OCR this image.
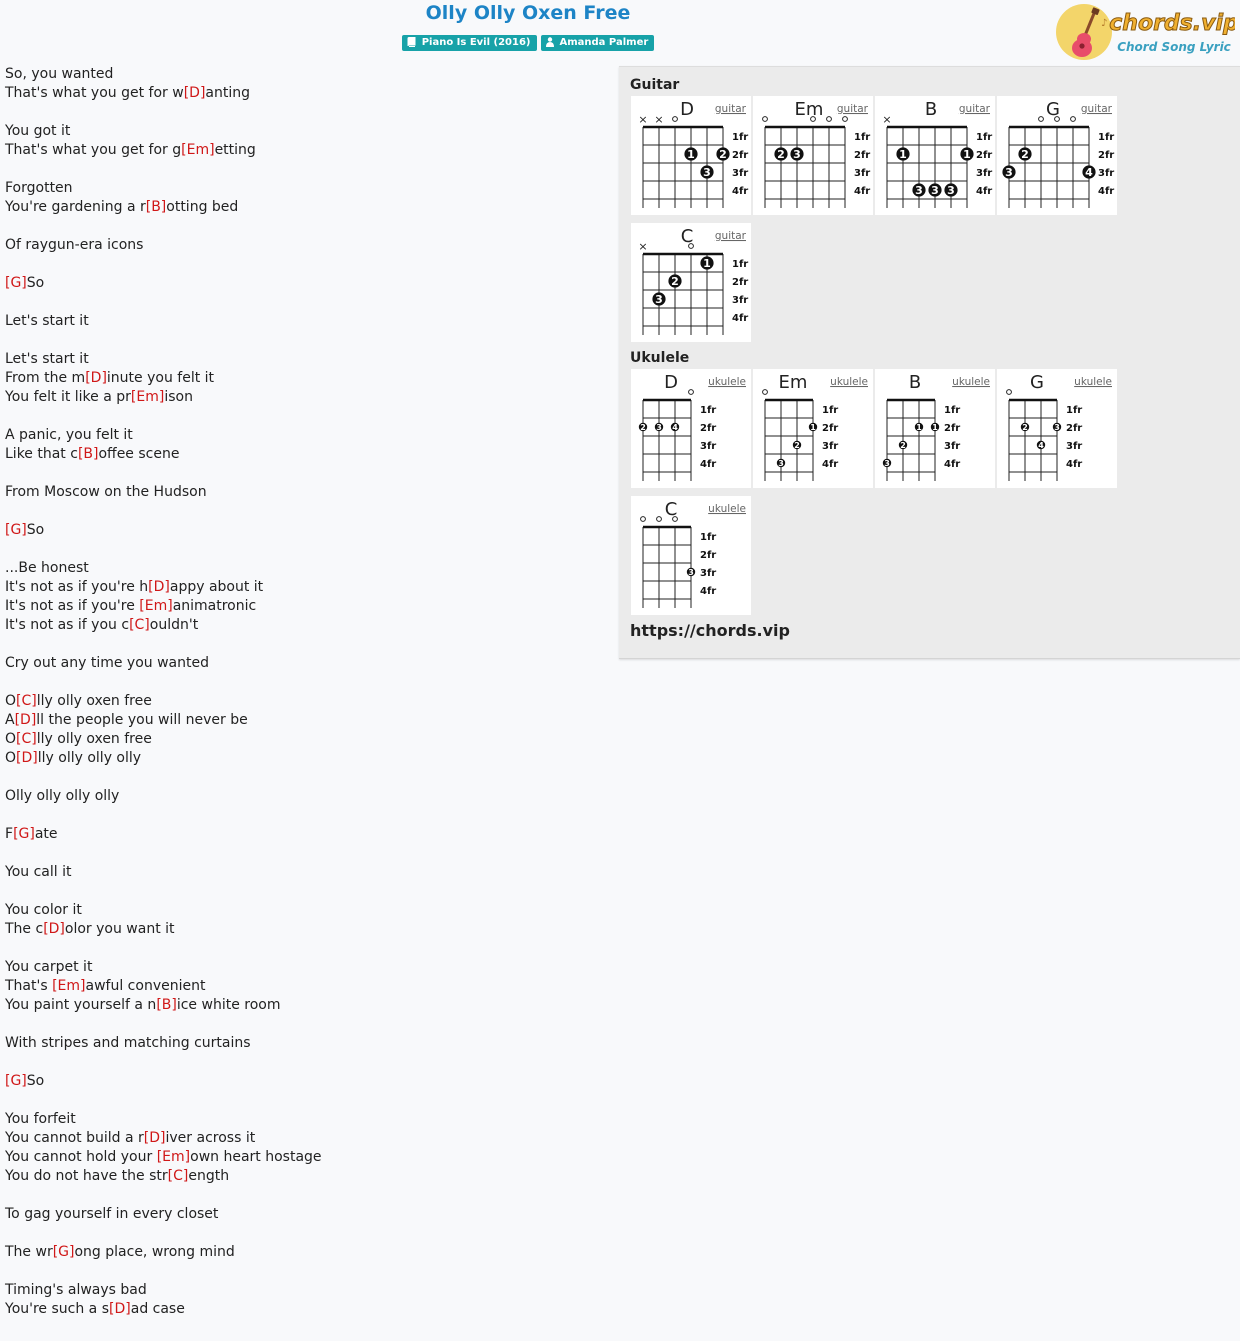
Olly Olly Oxen Free
Piano Is Evil (2016)	Amanda Palmer
♪ chords.vip
Chord Song Lyric
So, you wanted
That's what you get for w[D]anting
You got it
That's what you get for g[Em]etting
Forgotten
You're gardening a r[B]otting bed
Of raygun-era icons
[G]So
Let's start it
Let's start it
From the m[D]inute you felt it
You felt it like a pr[Em]ison
A panic, you felt it
Like that c[B]offee scene
From Moscow on the Hudson
[G]So
...Be honest
It's not as if you're h[D]appy about it
It's not as if you're [Em]animatronic
It's not as if you c[C]ouldn't
Cry out any time you wanted
O[C]lly olly oxen free
A[D]ll the people you will never be
O[C]lly olly oxen free
O[D]lly olly olly olly
Olly olly olly olly
F[G]ate
You call it
You color it
The c[D]olor you want it
You carpet it
That's [Em]awful convenient
You paint yourself a n[B]ice white room
With stripes and matching curtains
[G]So
You forfeit
You cannot build a r[D]iver across it
You cannot hold your [Em]own heart hostage
You do not have the str[C]ength
To gag yourself in every closet
The wr[G]ong place, wrong mind
Timing's always bad
You're such a s[D]ad case
Guitar
Ukulele
D guitar
1fr
2fr
3fr
4fr
× ×
1 2
3
Em guitar
1fr
2fr
3fr
4fr
2 3
B guitar
1fr
2fr
3fr
4fr
×
1	1
3 3 3
G guitar
1fr
2fr
3fr
4fr
2
3	4
C guitar
1fr
2fr
3fr
4fr
×
1
2
3
D	ukulele
1fr
2fr
3fr
4fr
2 3 4
Em ukulele
1fr
2fr
3fr
4fr
1
2
3
B	ukulele
1fr
2fr
3fr
4fr
1 1
2
3
G	ukulele
1fr
2fr
3fr
4fr
2	3
4
C	ukulele
1fr
2fr
3fr
4fr
3
https://chords.vip
